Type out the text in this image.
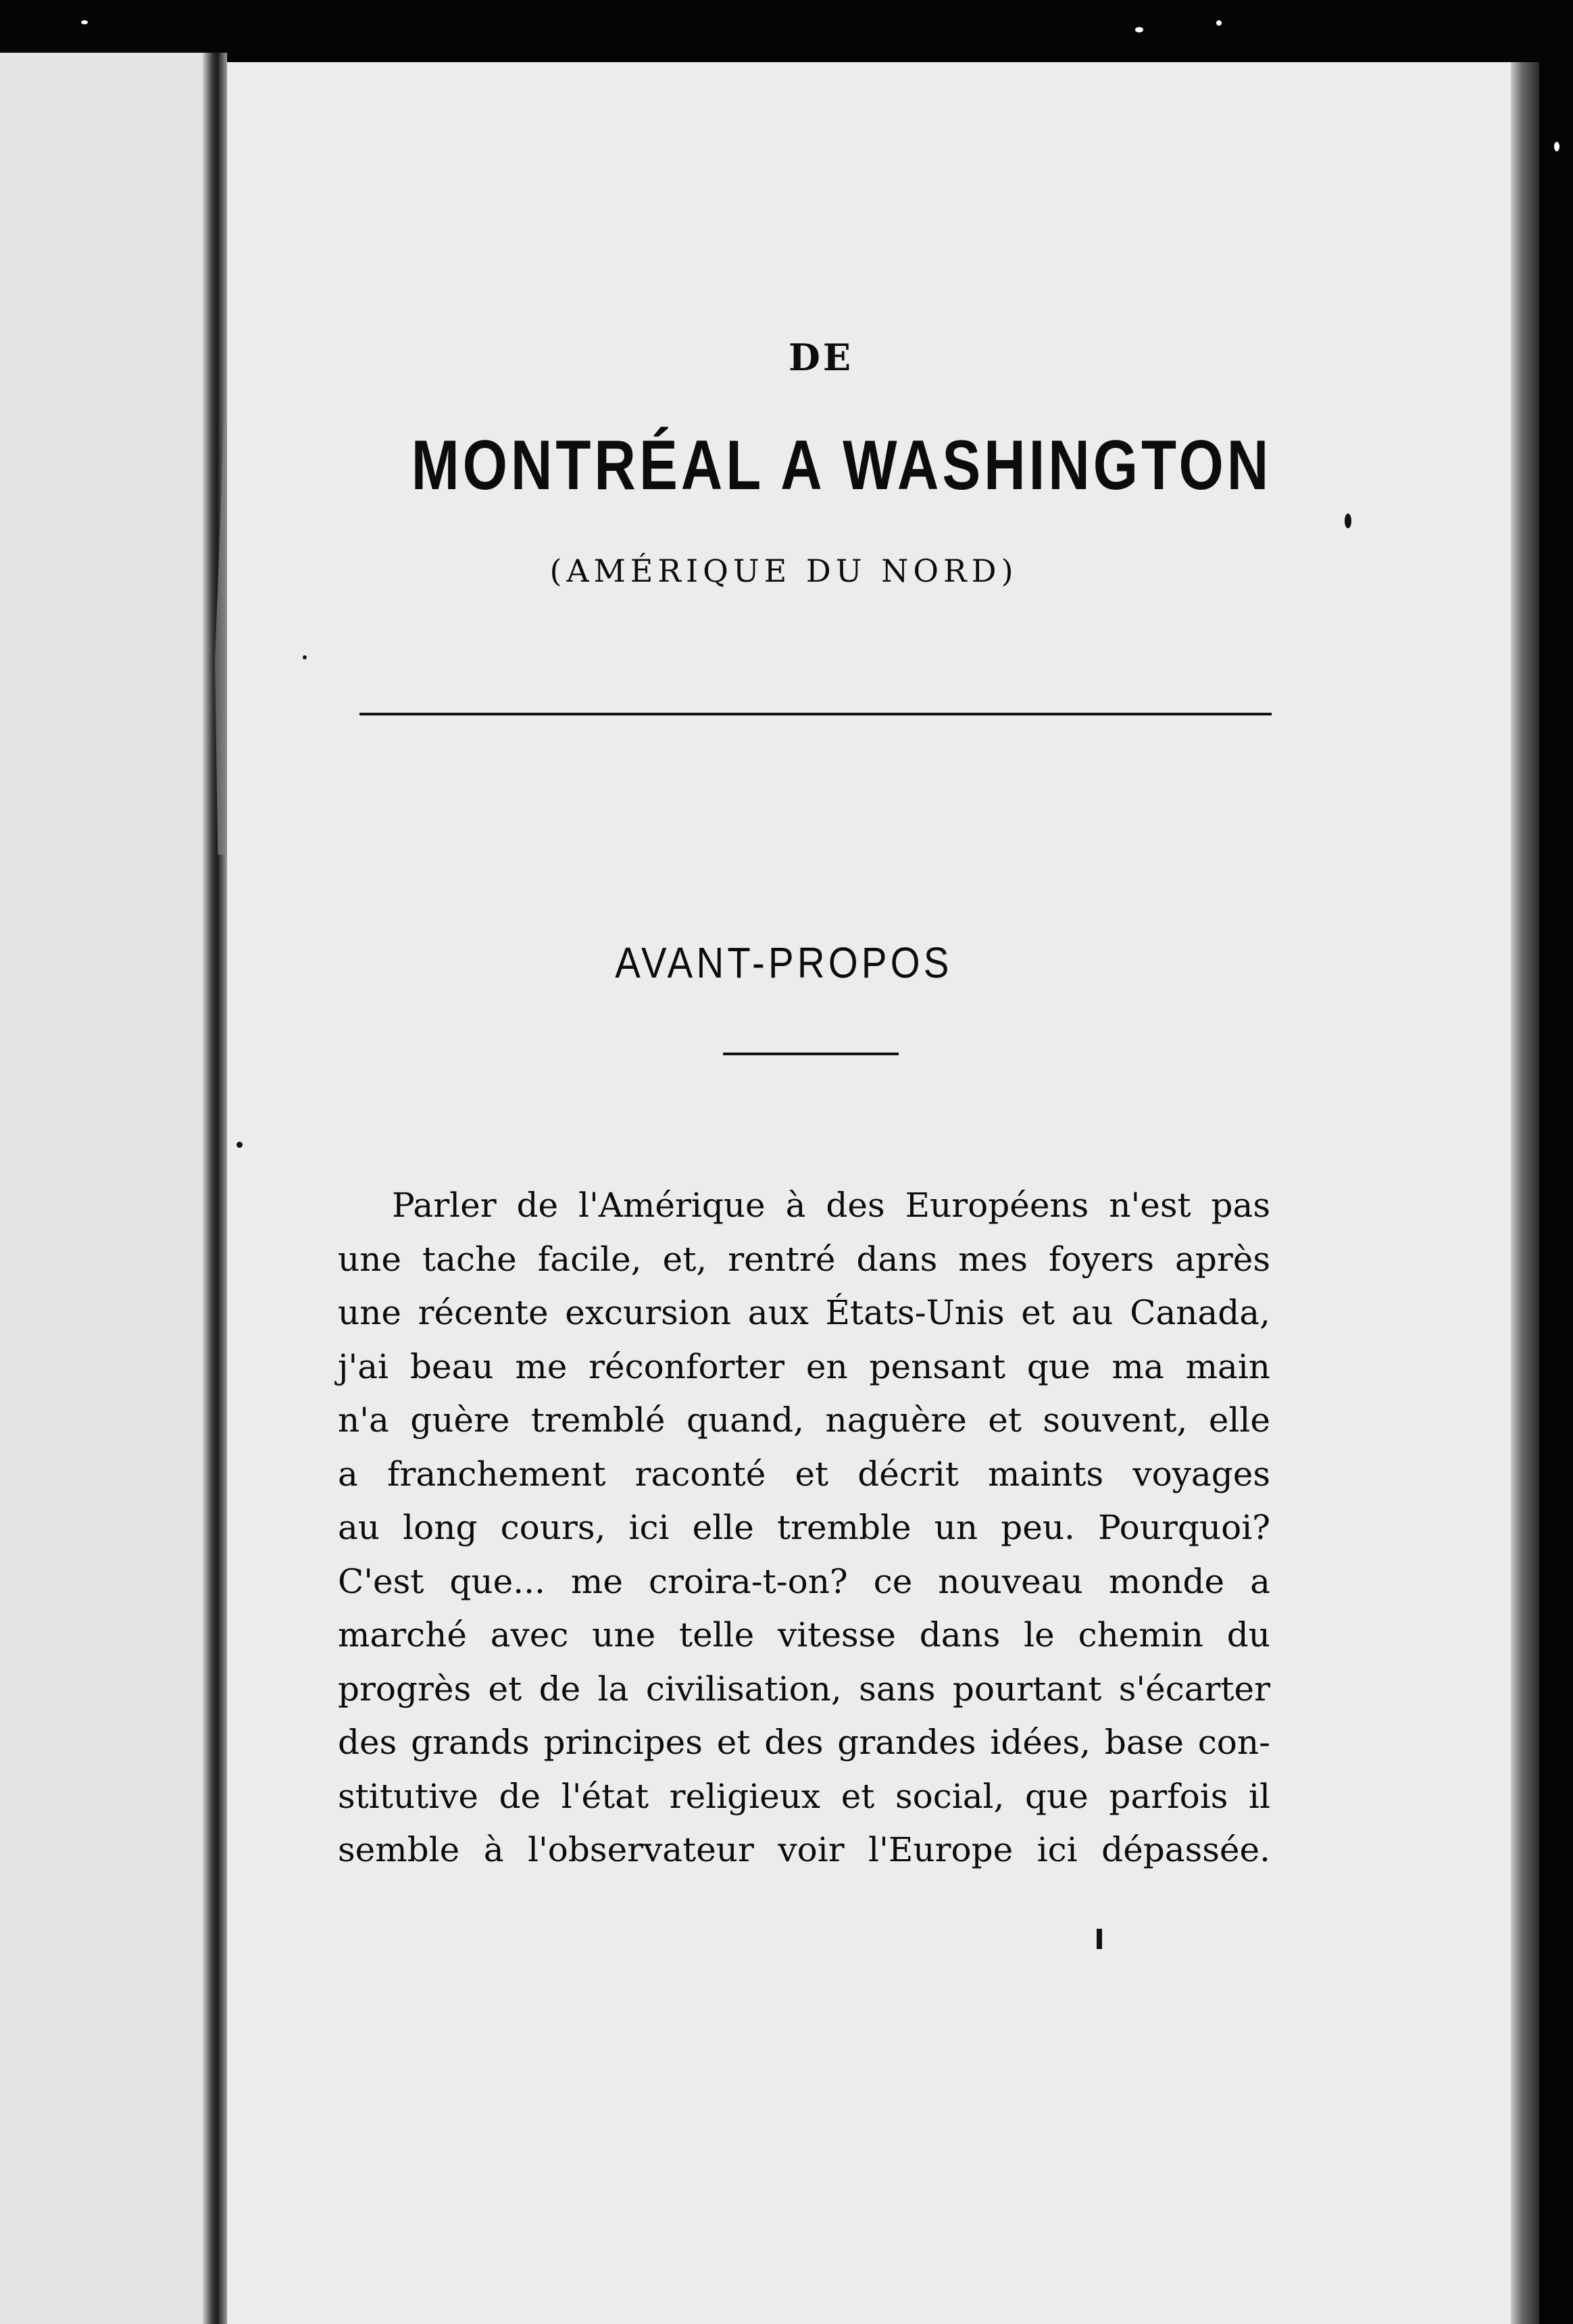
DE
MONTRÉAL A WASHINGTON
(AMÉRIQUE DU NORD)
AVANT-PROPOS
Parler de l'Amérique à des Européens n'est pas
une tache facile, et, rentré dans mes foyers après
une récente excursion aux États-Unis et au Canada,
j'ai beau me réconforter en pensant que ma main
n'a guère tremblé quand, naguère et souvent, elle
a franchement raconté et décrit maints voyages
au long cours, ici elle tremble un peu. Pourquoi?
C'est que... me croira-t-on? ce nouveau monde a
marché avec une telle vitesse dans le chemin du
progrès et de la civilisation, sans pourtant s'écarter
des grands principes et des grandes idées, base con-
stitutive de l'état religieux et social, que parfois il
semble à l'observateur voir l'Europe ici dépassée.
